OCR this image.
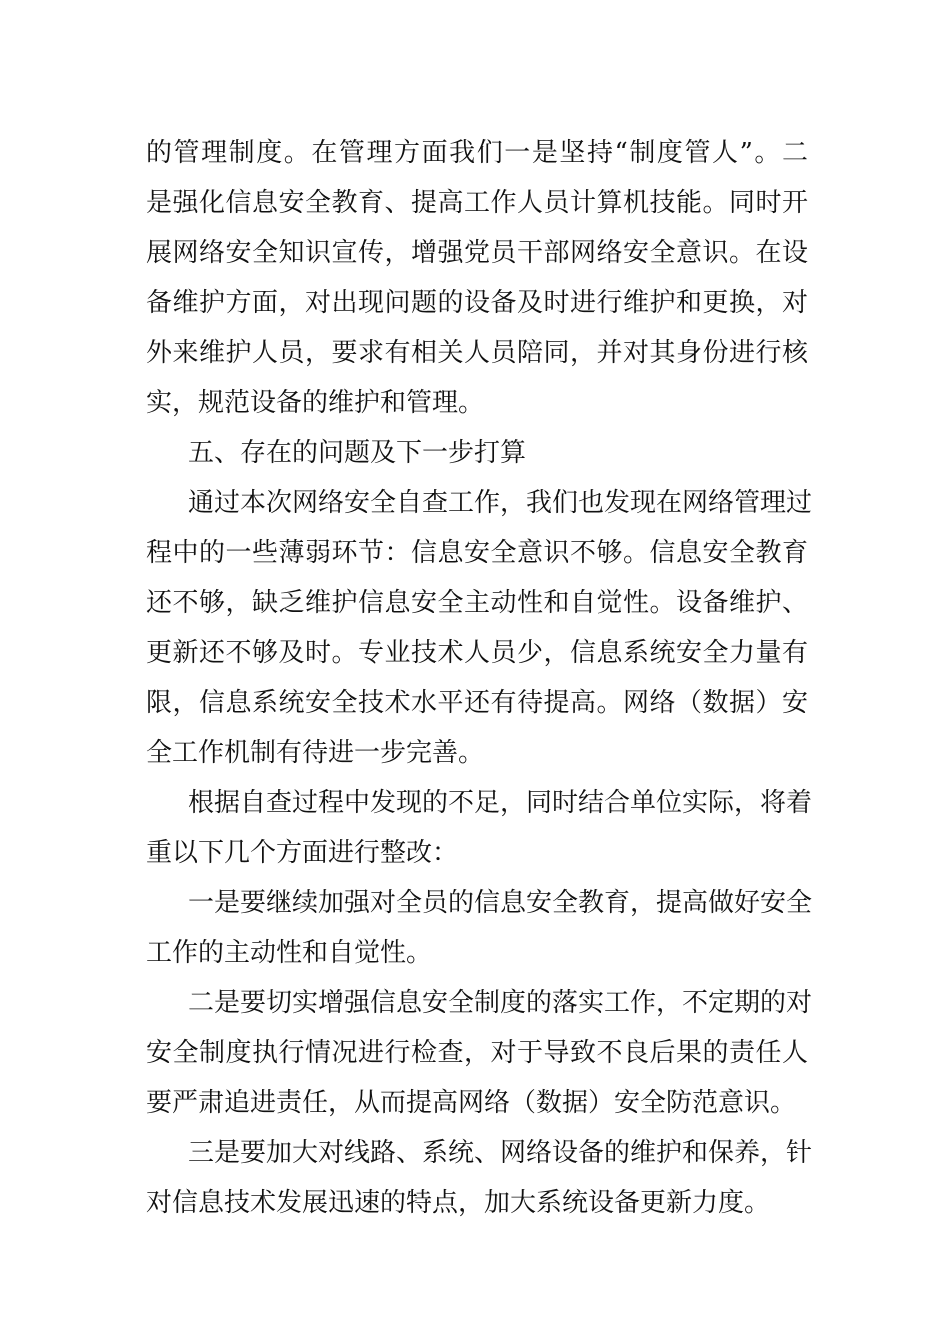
的管理制度。在管理方面我们一是坚持“制度管人”。二
是强化信息安全教育、提高工作人员计算机技能。同时开
展网络安全知识宣传，增强党员干部网络安全意识。在设
备维护方面，对出现问题的设备及时进行维护和更换，对
外来维护人员，要求有相关人员陪同，并对其身份进行核
实，规范设备的维护和管理。
五、存在的问题及下一步打算
通过本次网络安全自查工作，我们也发现在网络管理过
程中的一些薄弱环节：信息安全意识不够。信息安全教育
还不够，缺乏维护信息安全主动性和自觉性。设备维护、
更新还不够及时。专业技术人员少，信息系统安全力量有
限，信息系统安全技术水平还有待提高。网络（数据）安
全工作机制有待进一步完善。
根据自查过程中发现的不足，同时结合单位实际，将着
重以下几个方面进行整改：
一是要继续加强对全员的信息安全教育，提高做好安全
工作的主动性和自觉性。
二是要切实增强信息安全制度的落实工作，不定期的对
安全制度执行情况进行检查，对于导致不良后果的责任人
要严肃追进责任，从而提高网络（数据）安全防范意识。
三是要加大对线路、系统、网络设备的维护和保养，针
对信息技术发展迅速的特点，加大系统设备更新力度。
